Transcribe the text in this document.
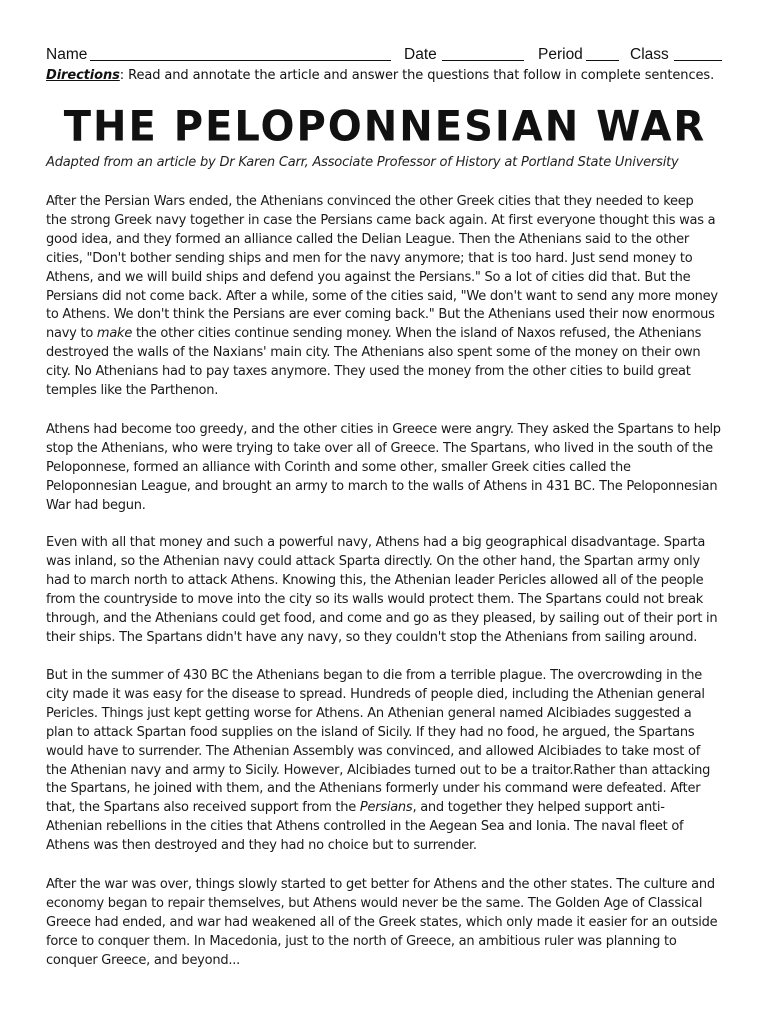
Name	Date	Period	Class
Directions: Read and annotate the article and answer the questions that follow in complete sentences.
THE PELOPONNESIAN WAR
Adapted from an article by Dr Karen Carr, Associate Professor of History at Portland State University
After the Persian Wars ended, the Athenians convinced the other Greek cities that they needed to keep
the strong Greek navy together in case the Persians came back again. At first everyone thought this was a
good idea, and they formed an alliance called the Delian League. Then the Athenians said to the other
cities, "Don't bother sending ships and men for the navy anymore; that is too hard. Just send money to
Athens, and we will build ships and defend you against the Persians." So a lot of cities did that. But the
Persians did not come back. After a while, some of the cities said, "We don't want to send any more money
to Athens. We don't think the Persians are ever coming back." But the Athenians used their now enormous
navy to make the other cities continue sending money. When the island of Naxos refused, the Athenians
destroyed the walls of the Naxians' main city. The Athenians also spent some of the money on their own
city. No Athenians had to pay taxes anymore. They used the money from the other cities to build great
temples like the Parthenon.
Athens had become too greedy, and the other cities in Greece were angry. They asked the Spartans to help
stop the Athenians, who were trying to take over all of Greece. The Spartans, who lived in the south of the
Peloponnese, formed an alliance with Corinth and some other, smaller Greek cities called the
Peloponnesian League, and brought an army to march to the walls of Athens in 431 BC. The Peloponnesian
War had begun.
Even with all that money and such a powerful navy, Athens had a big geographical disadvantage. Sparta
was inland, so the Athenian navy could attack Sparta directly. On the other hand, the Spartan army only
had to march north to attack Athens. Knowing this, the Athenian leader Pericles allowed all of the people
from the countryside to move into the city so its walls would protect them. The Spartans could not break
through, and the Athenians could get food, and come and go as they pleased, by sailing out of their port in
their ships. The Spartans didn't have any navy, so they couldn't stop the Athenians from sailing around.
But in the summer of 430 BC the Athenians began to die from a terrible plague. The overcrowding in the
city made it was easy for the disease to spread. Hundreds of people died, including the Athenian general
Pericles. Things just kept getting worse for Athens. An Athenian general named Alcibiades suggested a
plan to attack Spartan food supplies on the island of Sicily. If they had no food, he argued, the Spartans
would have to surrender. The Athenian Assembly was convinced, and allowed Alcibiades to take most of
the Athenian navy and army to Sicily. However, Alcibiades turned out to be a traitor.Rather than attacking
the Spartans, he joined with them, and the Athenians formerly under his command were defeated. After
that, the Spartans also received support from the Persians, and together they helped support anti-
Athenian rebellions in the cities that Athens controlled in the Aegean Sea and Ionia. The naval fleet of
Athens was then destroyed and they had no choice but to surrender.
After the war was over, things slowly started to get better for Athens and the other states. The culture and
economy began to repair themselves, but Athens would never be the same. The Golden Age of Classical
Greece had ended, and war had weakened all of the Greek states, which only made it easier for an outside
force to conquer them. In Macedonia, just to the north of Greece, an ambitious ruler was planning to
conquer Greece, and beyond...
